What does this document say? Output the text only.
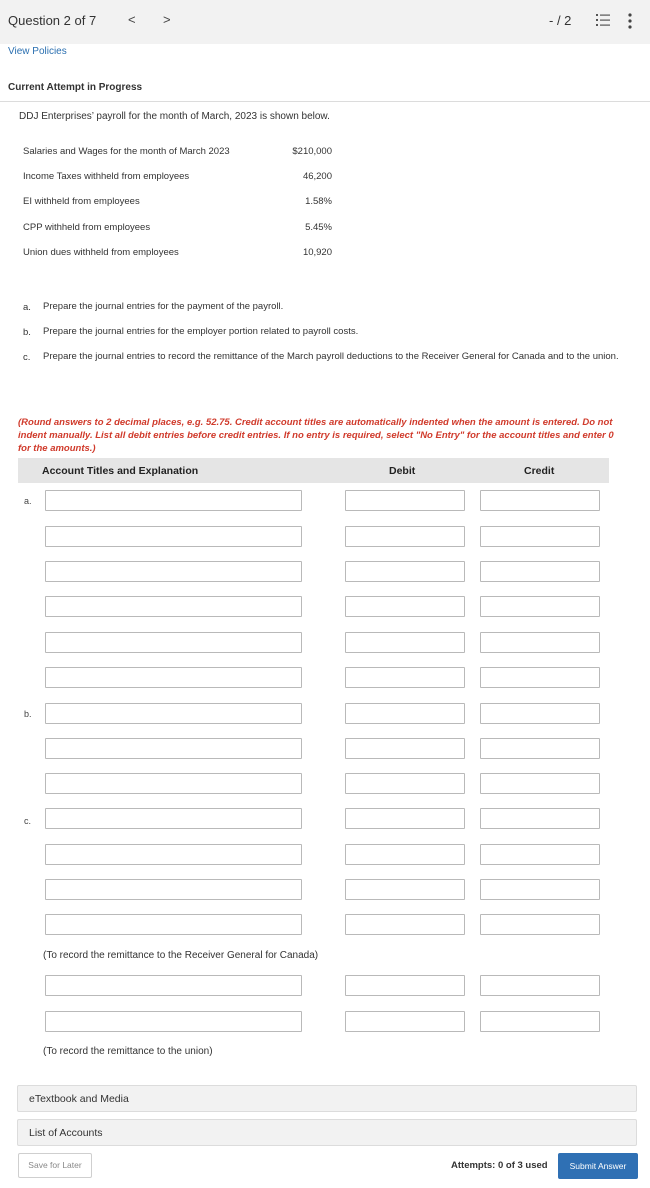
Question 2 of 7 < >	- / 2
View Policies
Current Attempt in Progress

DDJ Enterprises’ payroll for the month of March, 2023 is shown below.

Salaries and Wages for the month of March 2023	$210,000
Income Taxes withheld from employees	46,200
EI withheld from employees	1.58%
CPP withheld from employees	5.45%
Union dues withheld from employees	10,920
a. Prepare the journal entries for the payment of the payroll.
b. Prepare the journal entries for the employer portion related to payroll costs.
c. Prepare the journal entries to record the remittance of the March payroll deductions to the Receiver General for Canada and to the union.

(Round answers to 2 decimal places, e.g. 52.75. Credit account titles are automatically indented when the amount is entered. Do not indent manually. List all debit entries before credit entries. If no entry is required, select "No Entry" for the account titles and enter 0 for the amounts.)

Account Titles and Explanation	Debit	Credit
a.
b.
c.
(To record the remittance to the Receiver General for Canada)
(To record the remittance to the union)
eTextbook and Media
List of Accounts
Save for Later	Attempts: 0 of 3 used	Submit Answer
